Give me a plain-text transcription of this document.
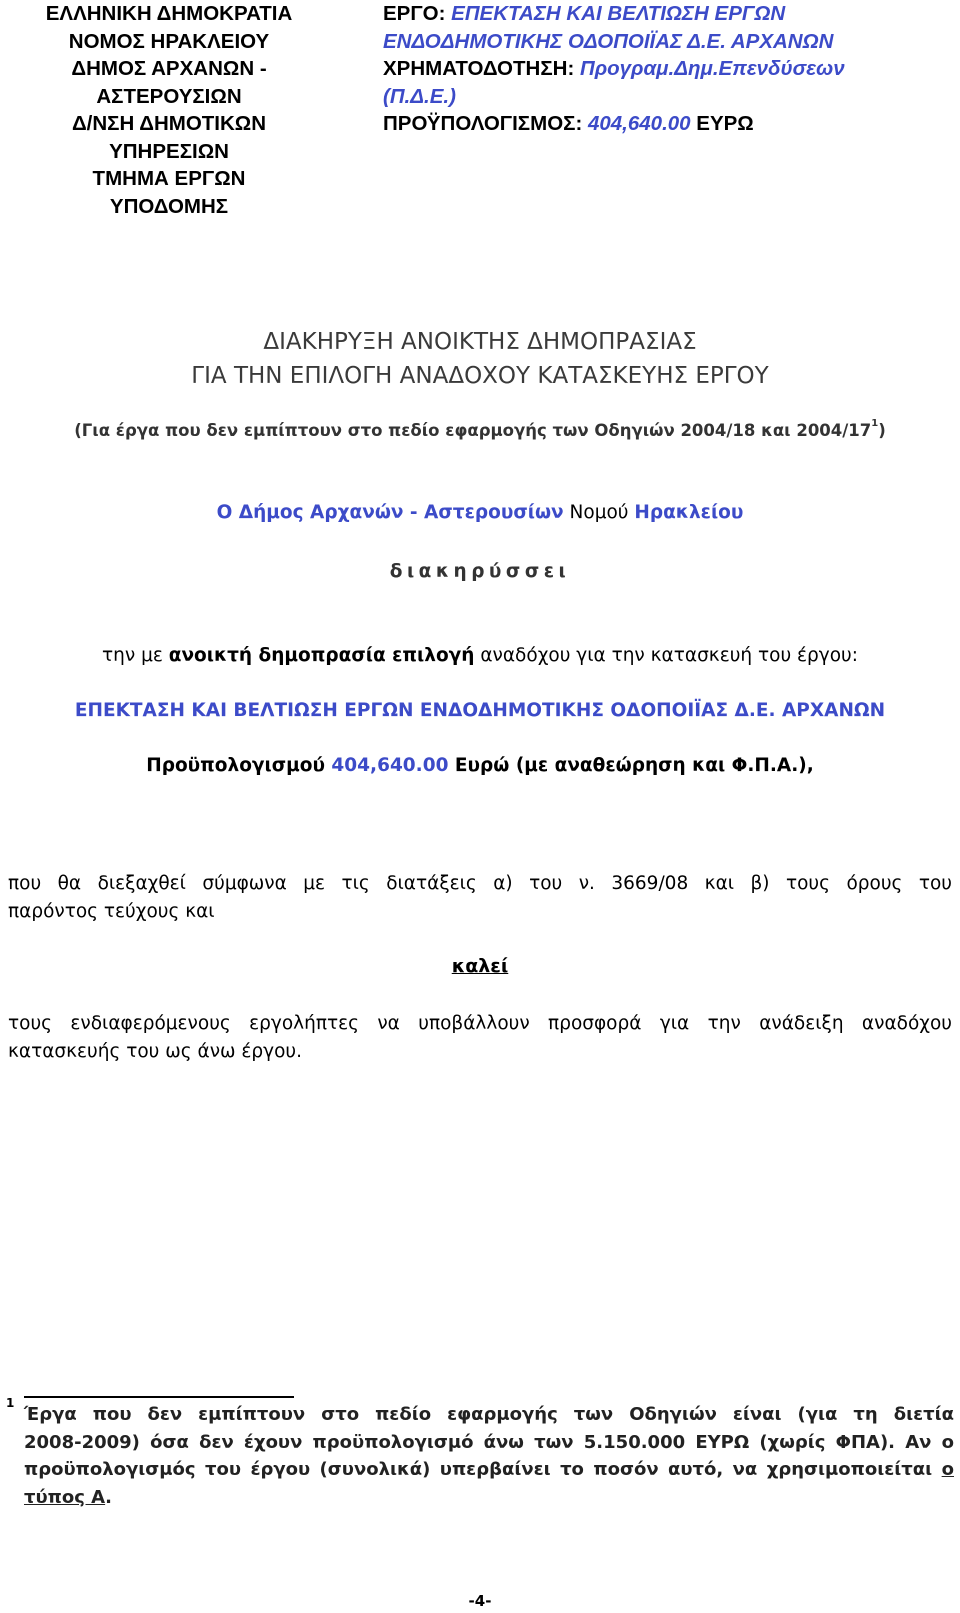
ΕΛΛΗΝΙΚΗ ΔΗΜΟΚΡΑΤΙΑ
ΝΟΜΟΣ ΗΡΑΚΛΕΙΟΥ
ΔΗΜΟΣ ΑΡΧΑΝΩΝ -
ΑΣΤΕΡΟΥΣΙΩΝ
Δ/ΝΣΗ ΔΗΜΟΤΙΚΩΝ
ΥΠΗΡΕΣΙΩΝ
ΤΜΗΜΑ ΕΡΓΩΝ
ΥΠΟΔΟΜΗΣ
ΕΡΓΟ: ΕΠΕΚΤΑΣΗ ΚΑΙ ΒΕΛΤΙΩΣΗ ΕΡΓΩΝ
ΕΝΔΟΔΗΜΟΤΙΚΗΣ ΟΔΟΠΟΙΪΑΣ Δ.Ε. ΑΡΧΑΝΩΝ
ΧΡΗΜΑΤΟΔΟΤΗΣΗ: Πρoγραμ.Δημ.Επενδύσεων
(Π.Δ.Ε.)
ΠΡΟΫΠΟΛΟΓΙΣΜΟΣ: 404,640.00 ΕΥΡΩ
ΔΙΑΚΗΡΥΞΗ ΑΝΟΙΚΤΗΣ ΔΗΜΟΠΡΑΣΙΑΣ
ΓΙΑ ΤΗΝ ΕΠΙΛΟΓΗ ΑΝΑΔΟΧΟΥ ΚΑΤΑΣΚΕΥΗΣ ΕΡΓΟΥ
(Για έργα που δεν εμπίπτουν στο πεδίο εφαρμογής των Οδηγιών 2004/18 και $2004/17^1$)
Ο Δήμος Αρχανών - Αστερουσίων Νομού Ηρακλείου
διακηρύσσει
την με ανοικτή δημοπρασία επιλογή αναδόχου για την κατασκευή του έργου:
ΕΠΕΚΤΑΣΗ ΚΑΙ ΒΕΛΤΙΩΣΗ ΕΡΓΩΝ ΕΝΔΟΔΗΜΟΤΙΚΗΣ ΟΔΟΠΟΙΪΑΣ Δ.Ε. ΑΡΧΑΝΩΝ
Προϋπολογισμού 404,640.00 Ευρώ (με αναθεώρηση και Φ.Π.Α.),
που θα διεξαχθεί σύμφωνα με τις διατάξεις α) του ν. 3669/08 και β) τους όρους του
παρόντος τεύχους και
καλεί
τους ενδιαφερόμενους εργολήπτες να υποβάλλουν προσφορά για την ανάδειξη αναδόχου
κατασκευής του ως άνω έργου.
1
Έργα που δεν εμπίπτουν στο πεδίο εφαρμογής των Οδηγιών είναι (για τη διετία
2008-2009) όσα δεν έχουν προϋπολογισμό άνω των 5.150.000 ΕΥΡΩ (χωρίς ΦΠΑ). Αν ο
προϋπολογισμός του έργου (συνολικά) υπερβαίνει το ποσόν αυτό, να χρησιμοποιείται ο
τύπος Α.
-4-
